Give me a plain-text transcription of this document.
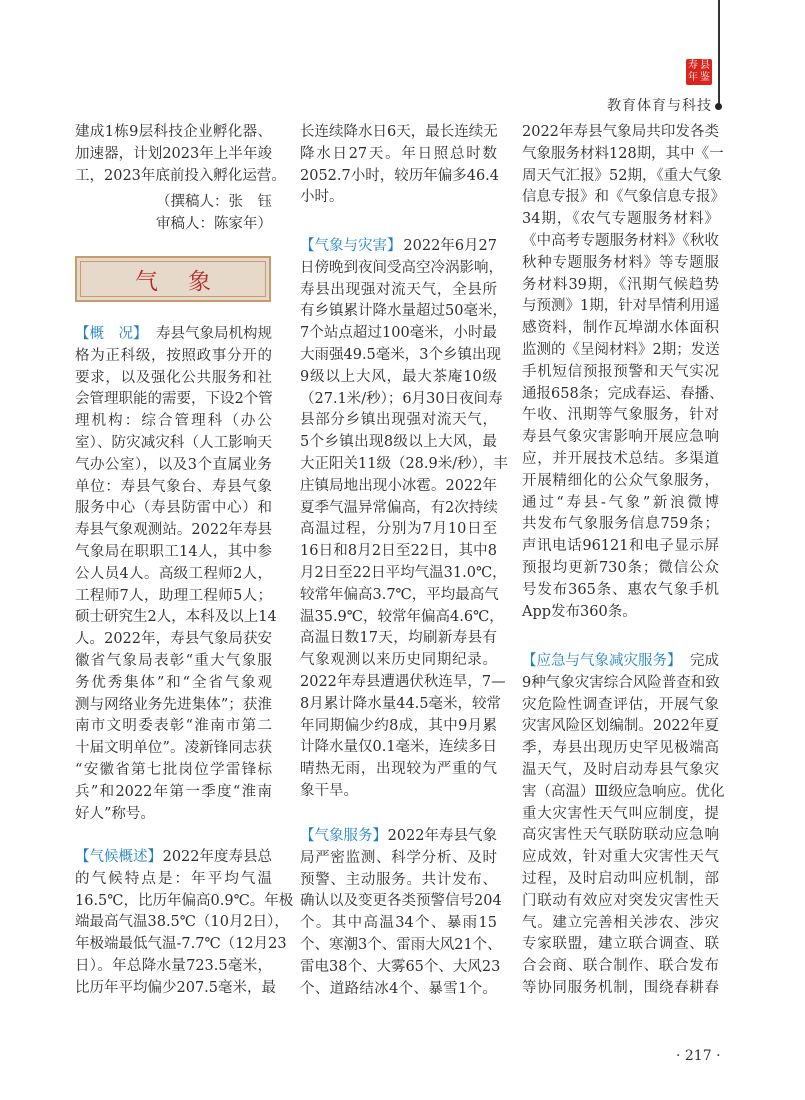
寿 县
年 鉴
教育体育与科技
建成1栋9层科技企业孵化器、
加速器，计划2023年上半年竣
工，2023年底前投入孵化运营。
（撰稿人：张　钰
审稿人：陈家年）
【概　况】 寿县气象局机构规
格为正科级，按照政事分开的
要求，以及强化公共服务和社
会管理职能的需要，下设2个管
理机构：综合管理科（办公
室）、防灾减灾科（人工影响天
气办公室），以及3个直属业务
单位：寿县气象台、寿县气象
服务中心（寿县防雷中心）和
寿县气象观测站。2022年寿县
气象局在职职工14人，其中参
公人员4人。高级工程师2人，
工程师7人，助理工程师5人；
硕士研究生2人，本科及以上14
人。2022年，寿县气象局获安
徽省气象局表彰“重大气象服
务优秀集体”和“全省气象观
测与网络业务先进集体”；获淮
南市文明委表彰“淮南市第二
十届文明单位”。凌新锋同志获
“安徽省第七批岗位学雷锋标
兵”和2022年第一季度“淮南
好人”称号。
【气候概述】 2022年度寿县总
的气候特点是：年平均气温
16.5℃，比历年偏高0.9℃。年极
端最高气温38.5℃（10月2日），
年极端最低气温-7.7℃（12月23
日）。年总降水量723.5毫米，
比历年平均偏少207.5毫米，最
长连续降水日6天，最长连续无
降水日27天。年日照总时数
2052.7小时，较历年偏多46.4
小时。
【气象与灾害】 2022年6月27
日傍晚到夜间受高空冷涡影响，
寿县出现强对流天气，全县所
有乡镇累计降水量超过50毫米，
7个站点超过100毫米，小时最
大雨强49.5毫米，3个乡镇出现
9级以上大风，最大茶庵10级
（27.1米/秒）；6月30日夜间寿
县部分乡镇出现强对流天气，
5个乡镇出现8级以上大风，最
大正阳关11级（28.9米/秒），丰
庄镇局地出现小冰雹。2022年
夏季气温异常偏高，有2次持续
高温过程，分别为7月10日至
16日和8月2日至22日，其中8
月2日至22日平均气温31.0℃，
较常年偏高3.7℃，平均最高气
温35.9℃，较常年偏高4.6℃，
高温日数17天，均刷新寿县有
气象观测以来历史同期纪录。
2022年寿县遭遇伏秋连旱，7—
8月累计降水量44.5毫米，较常
年同期偏少约8成，其中9月累
计降水量仅0.1毫米，连续多日
晴热无雨，出现较为严重的气
象干旱。
【气象服务】 2022年寿县气象
局严密监测、科学分析、及时
预警、主动服务。共计发布、
确认以及变更各类预警信号204
个。其中高温34个、暴雨15
个、寒潮3个、雷雨大风21个、
雷电38个、大雾65个、大风23
个、道路结冰4个、暴雪1个。
2022年寿县气象局共印发各类
气象服务材料128期，其中《一
周天气汇报》52期，《重大气象
信息专报》和《气象信息专报》
34期，《农气专题服务材料》
《中高考专题服务材料》《秋收
秋种专题服务材料》等专题服
务材料39期，《汛期气候趋势
与预测》1期，针对旱情利用遥
感资料，制作瓦埠湖水体面积
监测的《呈阅材料》2期；发送
手机短信预报预警和天气实况
通报658条；完成春运、春播、
午收、汛期等气象服务，针对
寿县气象灾害影响开展应急响
应，并开展技术总结。多渠道
开展精细化的公众气象服务，
通过“寿县-气象”新浪微博
共发布气象服务信息759条；
声讯电话96121和电子显示屏
预报均更新730条；微信公众
号发布365条、惠农气象手机
App发布360条。
【应急与气象减灾服务】 完成
9种气象灾害综合风险普查和致
灾危险性调查评估，开展气象
灾害风险区划编制。2022年夏
季，寿县出现历史罕见极端高
温天气，及时启动寿县气象灾
害（高温）Ⅲ级应急响应。优化
重大灾害性天气叫应制度，提
高灾害性天气联防联动应急响
应成效，针对重大灾害性天气
过程，及时启动叫应机制，部
门联动有效应对突发灾害性天
气。建立完善相关涉农、涉灾
专家联盟，建立联合调查、联
合会商、联合制作、联合发布
等协同服务机制，围绕春耕春
气象
· 217 ·
